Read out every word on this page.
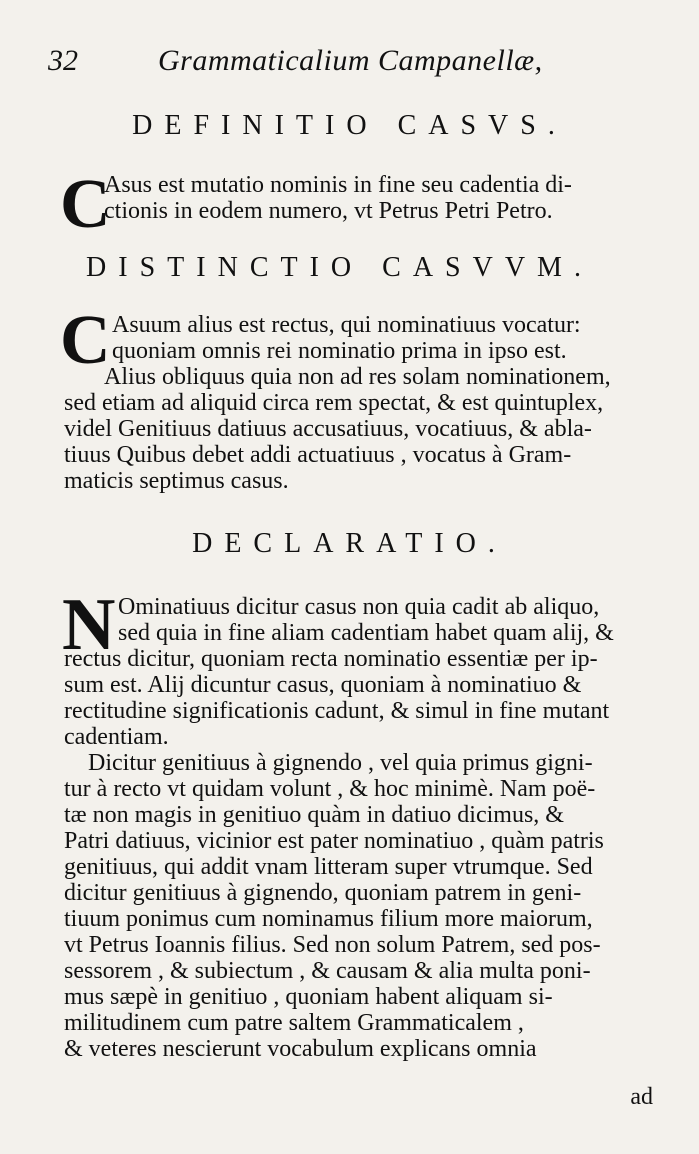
32	Grammaticalium Campanellæ,
DEFINITIO CASVS.
C
Asus est mutatio nominis in fine seu cadentia di-
ctionis in eodem numero, vt Petrus Petri Petro.
DISTINCTIO CASVVM.
C Asuum alius est rectus, qui nominatiuus vocatur:
quoniam omnis rei nominatio prima in ipso est.
Alius obliquus quia non ad res solam nominationem,
sed etiam ad aliquid circa rem spectat, & est quintuplex,
videl Genitiuus datiuus accusatiuus, vocatiuus, & abla-
tiuus Quibus debet addi actuatiuus , vocatus à Gram-
maticis septimus casus.
DECLARATIO.
N Ominatiuus dicitur casus non quia cadit ab aliquo,
sed quia in fine aliam cadentiam habet quam alij, &
rectus dicitur, quoniam recta nominatio essentiæ per ip-
sum est. Alij dicuntur casus, quoniam à nominatiuo &
rectitudine significationis cadunt, & simul in fine mutant
cadentiam.
Dicitur genitiuus à gignendo , vel quia primus gigni-
tur à recto vt quidam volunt , & hoc minimè. Nam poë-
tæ non magis in genitiuo quàm in datiuo dicimus, &
Patri datiuus, vicinior est pater nominatiuo , quàm patris
genitiuus, qui addit vnam litteram super vtrumque. Sed
dicitur genitiuus à gignendo, quoniam patrem in geni-
tiuum ponimus cum nominamus filium more maiorum,
vt Petrus Ioannis filius. Sed non solum Patrem, sed pos-
sessorem , & subiectum , & causam & alia multa poni-
mus sæpè in genitiuo , quoniam habent aliquam si-
militudinem cum patre saltem Grammaticalem ,
& veteres nescierunt vocabulum explicans omnia
ad
